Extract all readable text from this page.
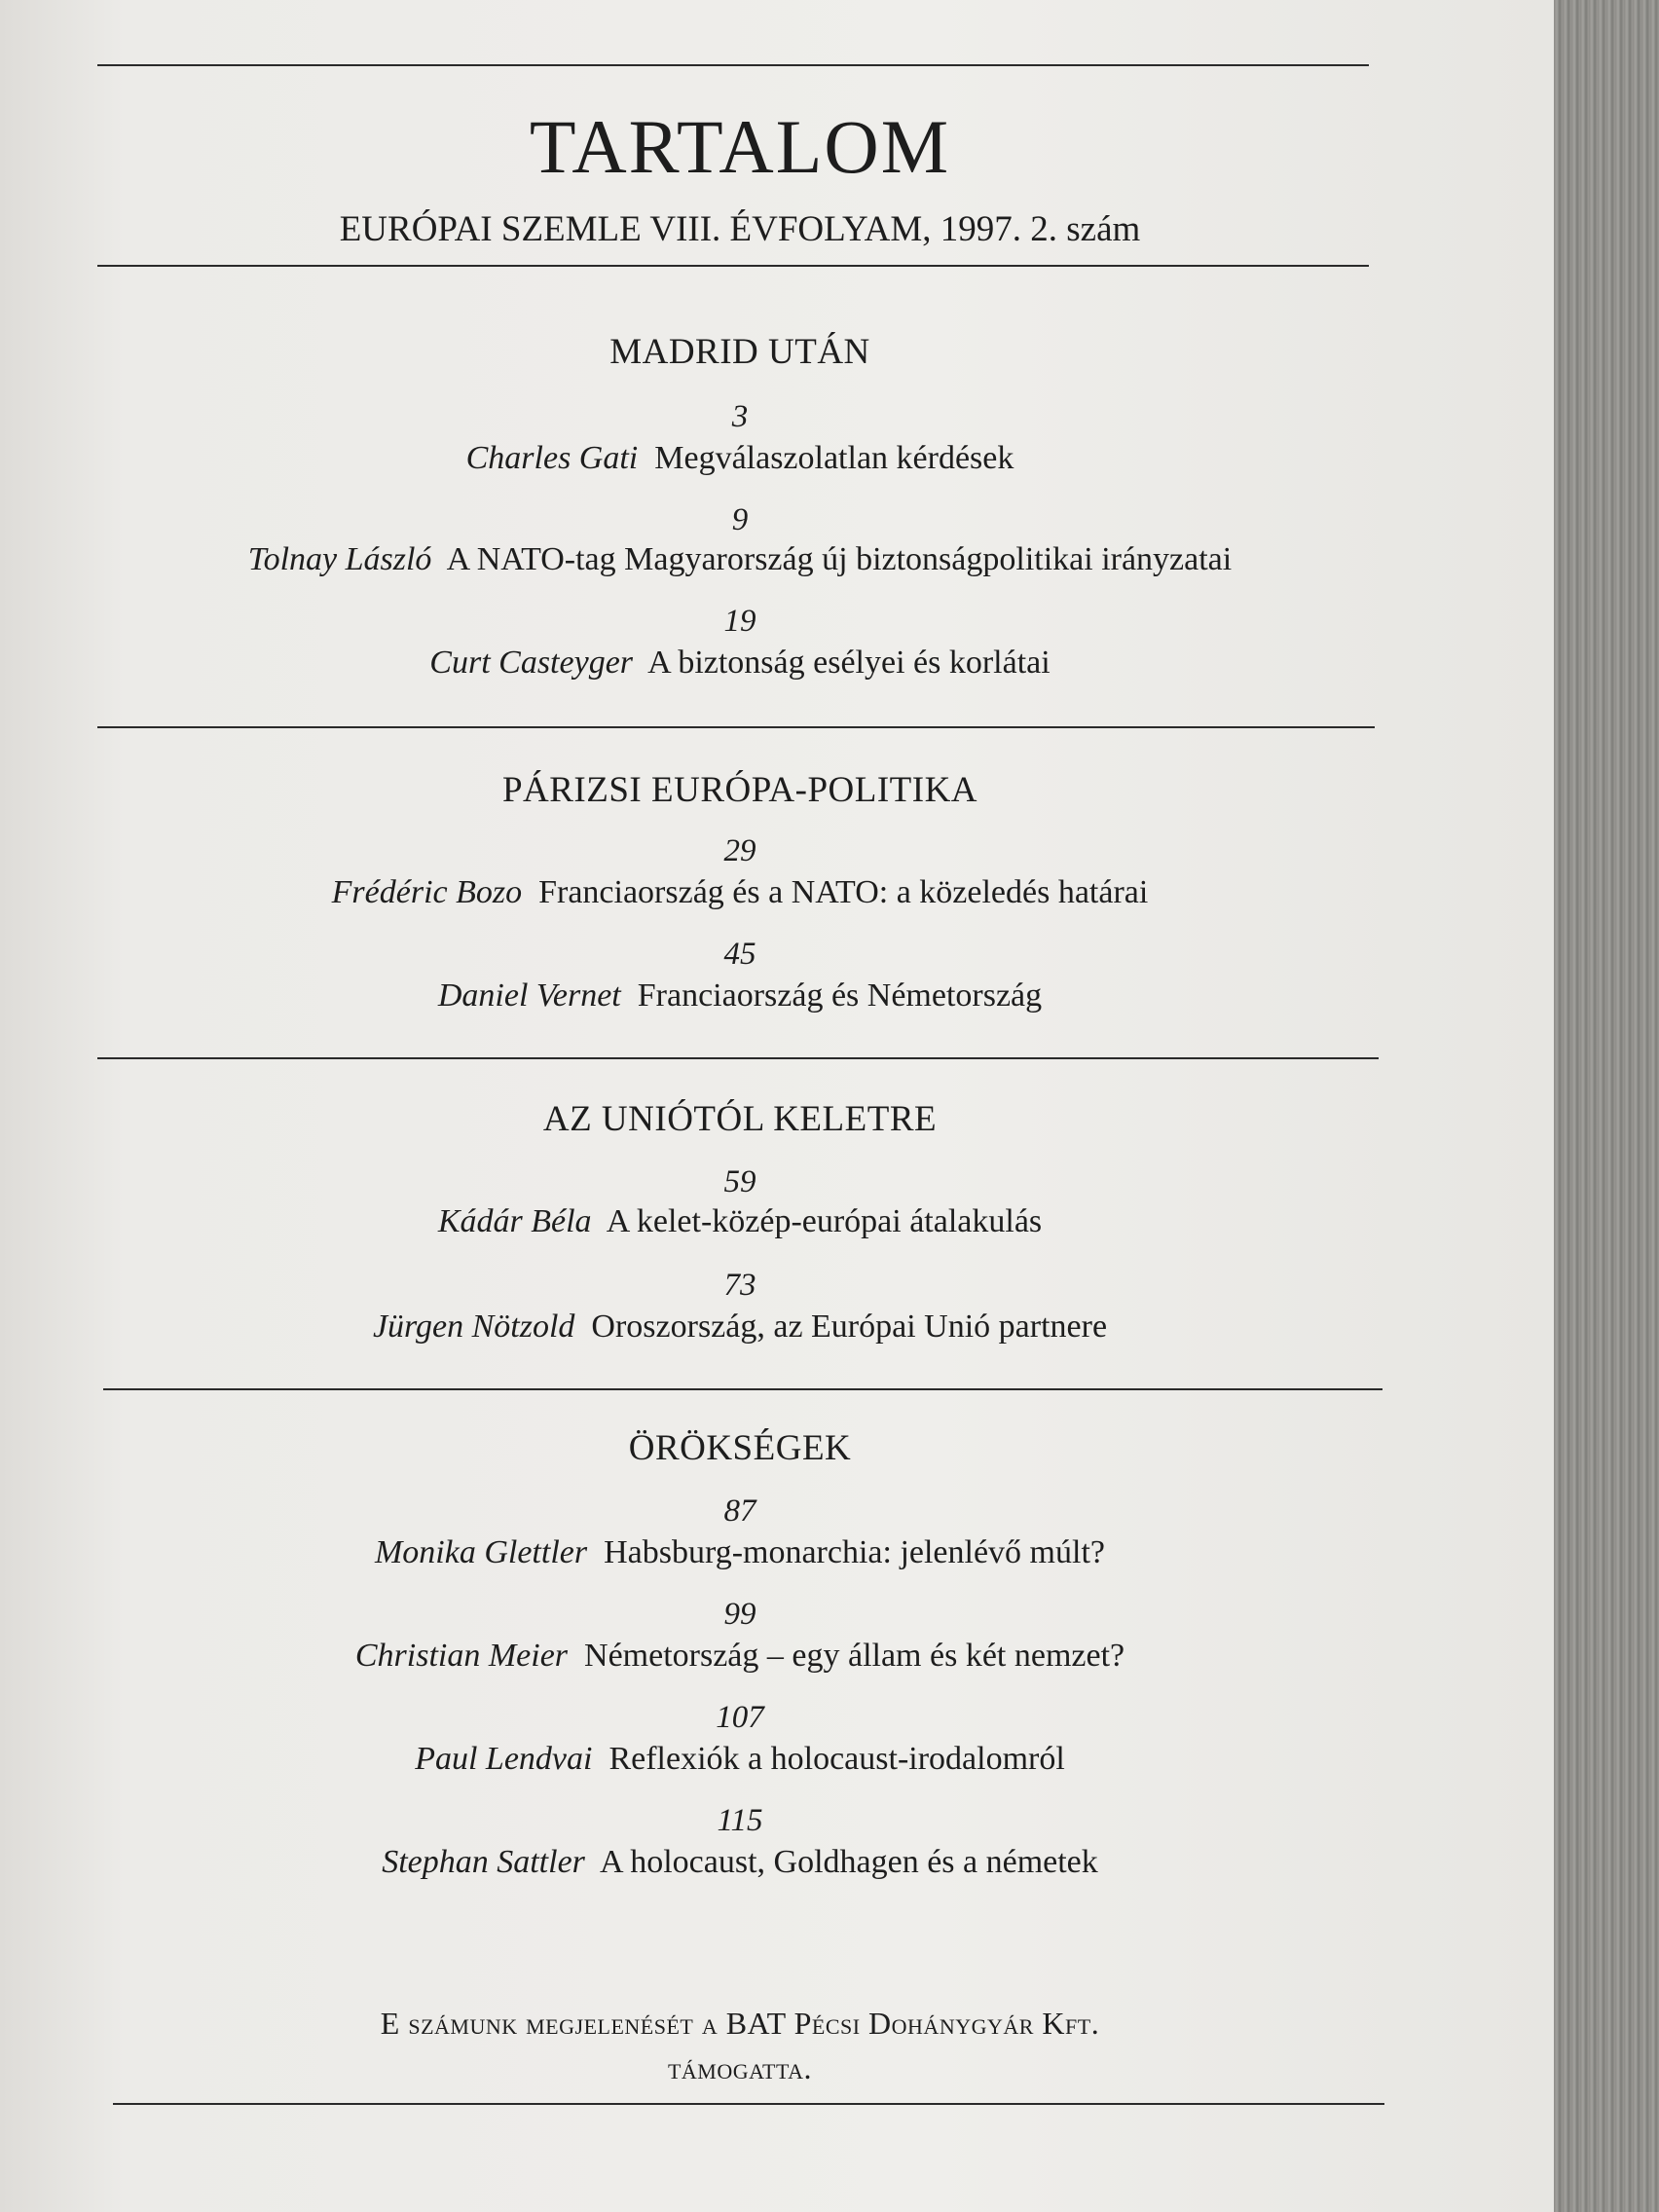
TARTALOM
EURÓPAI SZEMLE VIII. ÉVFOLYAM, 1997. 2. szám
MADRID UTÁN
3
Charles Gati Megválaszolatlan kérdések
9
Tolnay László A NATO-tag Magyarország új biztonságpolitikai irányzatai
19
Curt Casteyger A biztonság esélyei és korlátai
PÁRIZSI EURÓPA-POLITIKA
29
Frédéric Bozo Franciaország és a NATO: a közeledés határai
45
Daniel Vernet Franciaország és Németország
AZ UNIÓTÓL KELETRE
59
Kádár Béla A kelet-közép-európai átalakulás
73
Jürgen Nötzold Oroszország, az Európai Unió partnere
ÖRÖKSÉGEK
87
Monika Glettler Habsburg-monarchia: jelenlévő múlt?
99
Christian Meier Németország – egy állam és két nemzet?
107
Paul Lendvai Reflexiók a holocaust-irodalomról
115
Stephan Sattler A holocaust, Goldhagen és a németek
E számunk megjelenését a BAT Pécsi Dohánygyár Kft.
támogatta.
